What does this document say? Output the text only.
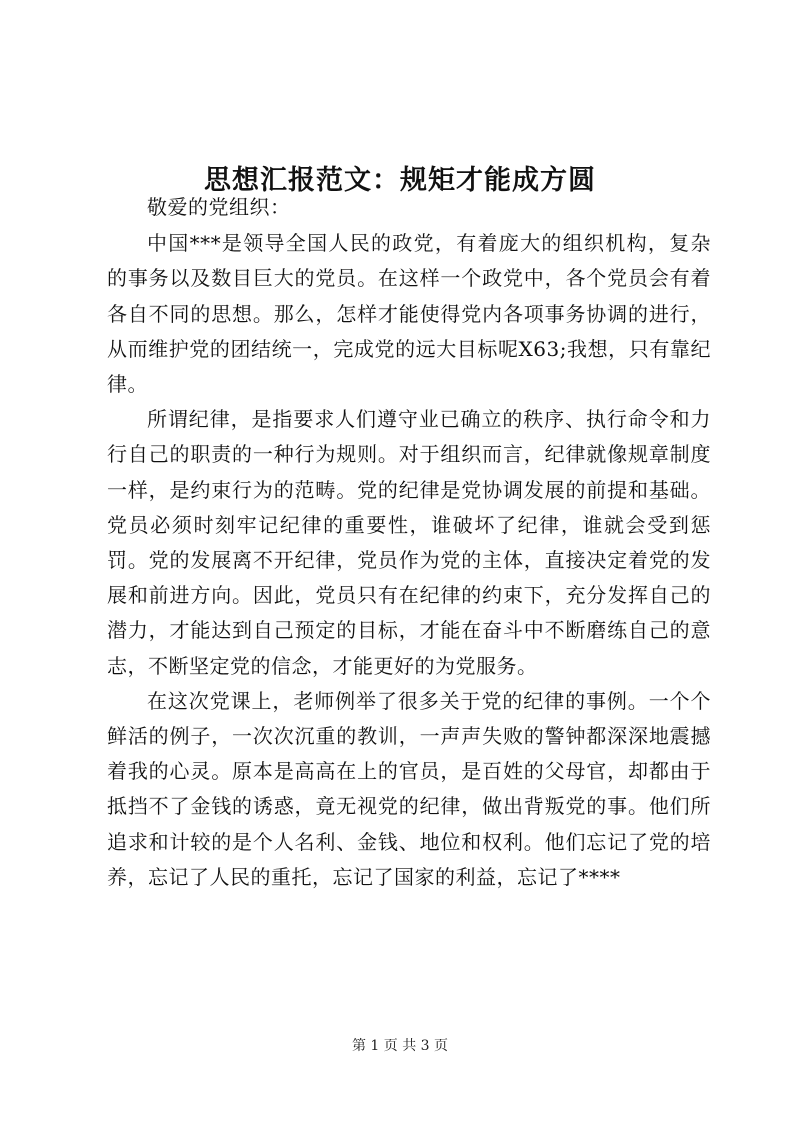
思想汇报范文：规矩才能成方圆

敬爱的党组织：

中国***是领导全国人民的政党，有着庞大的组织机构，复杂的事务以及数目巨大的党员。在这样一个政党中，各个党员会有着各自不同的思想。那么，怎样才能使得党内各项事务协调的进行，从而维护党的团结统一，完成党的远大目标呢X63;我想，只有靠纪律。

所谓纪律，是指要求人们遵守业已确立的秩序、执行命令和力行自己的职责的一种行为规则。对于组织而言，纪律就像规章制度一样，是约束行为的范畴。党的纪律是党协调发展的前提和基础。党员必须时刻牢记纪律的重要性，谁破坏了纪律，谁就会受到惩罚。党的发展离不开纪律，党员作为党的主体，直接决定着党的发展和前进方向。因此，党员只有在纪律的约束下，充分发挥自己的潜力，才能达到自己预定的目标，才能在奋斗中不断磨练自己的意志，不断坚定党的信念，才能更好的为党服务。

在这次党课上，老师例举了很多关于党的纪律的事例。一个个鲜活的例子，一次次沉重的教训，一声声失败的警钟都深深地震撼着我的心灵。原本是高高在上的官员，是百姓的父母官，却都由于抵挡不了金钱的诱惑，竟无视党的纪律，做出背叛党的事。他们所追求和计较的是个人名利、金钱、地位和权利。他们忘记了党的培养，忘记了人民的重托，忘记了国家的利益，忘记了****

第 1 页 共 3 页
